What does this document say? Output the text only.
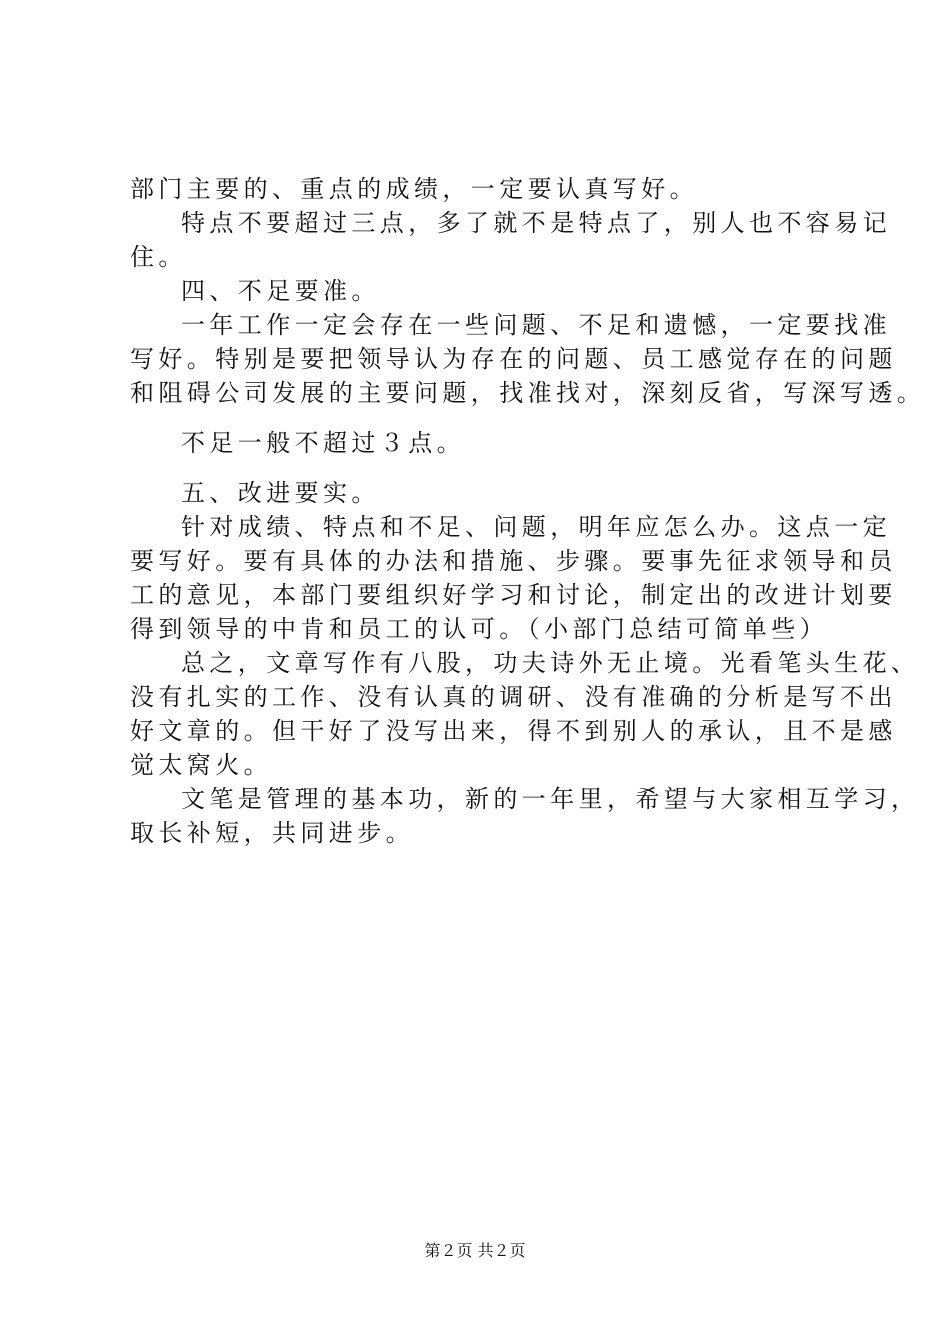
部门主要的、重点的成绩，一定要认真写好。
特点不要超过三点，多了就不是特点了，别人也不容易记
住。
四、不足要准。
一年工作一定会存在一些问题、不足和遗憾，一定要找准
写好。特别是要把领导认为存在的问题、员工感觉存在的问题
和阻碍公司发展的主要问题，找准找对，深刻反省，写深写透。
不足一般不超过３点。
五、改进要实。
针对成绩、特点和不足、问题，明年应怎么办。这点一定
要写好。要有具体的办法和措施、步骤。要事先征求领导和员
工的意见，本部门要组织好学习和讨论，制定出的改进计划要
得到领导的中肯和员工的认可。（小部门总结可简单些）
总之，文章写作有八股，功夫诗外无止境。光看笔头生花、
没有扎实的工作、没有认真的调研、没有准确的分析是写不出
好文章的。但干好了没写出来，得不到别人的承认，且不是感
觉太窝火。
文笔是管理的基本功，新的一年里，希望与大家相互学习，
取长补短，共同进步。
第２页 共２页
